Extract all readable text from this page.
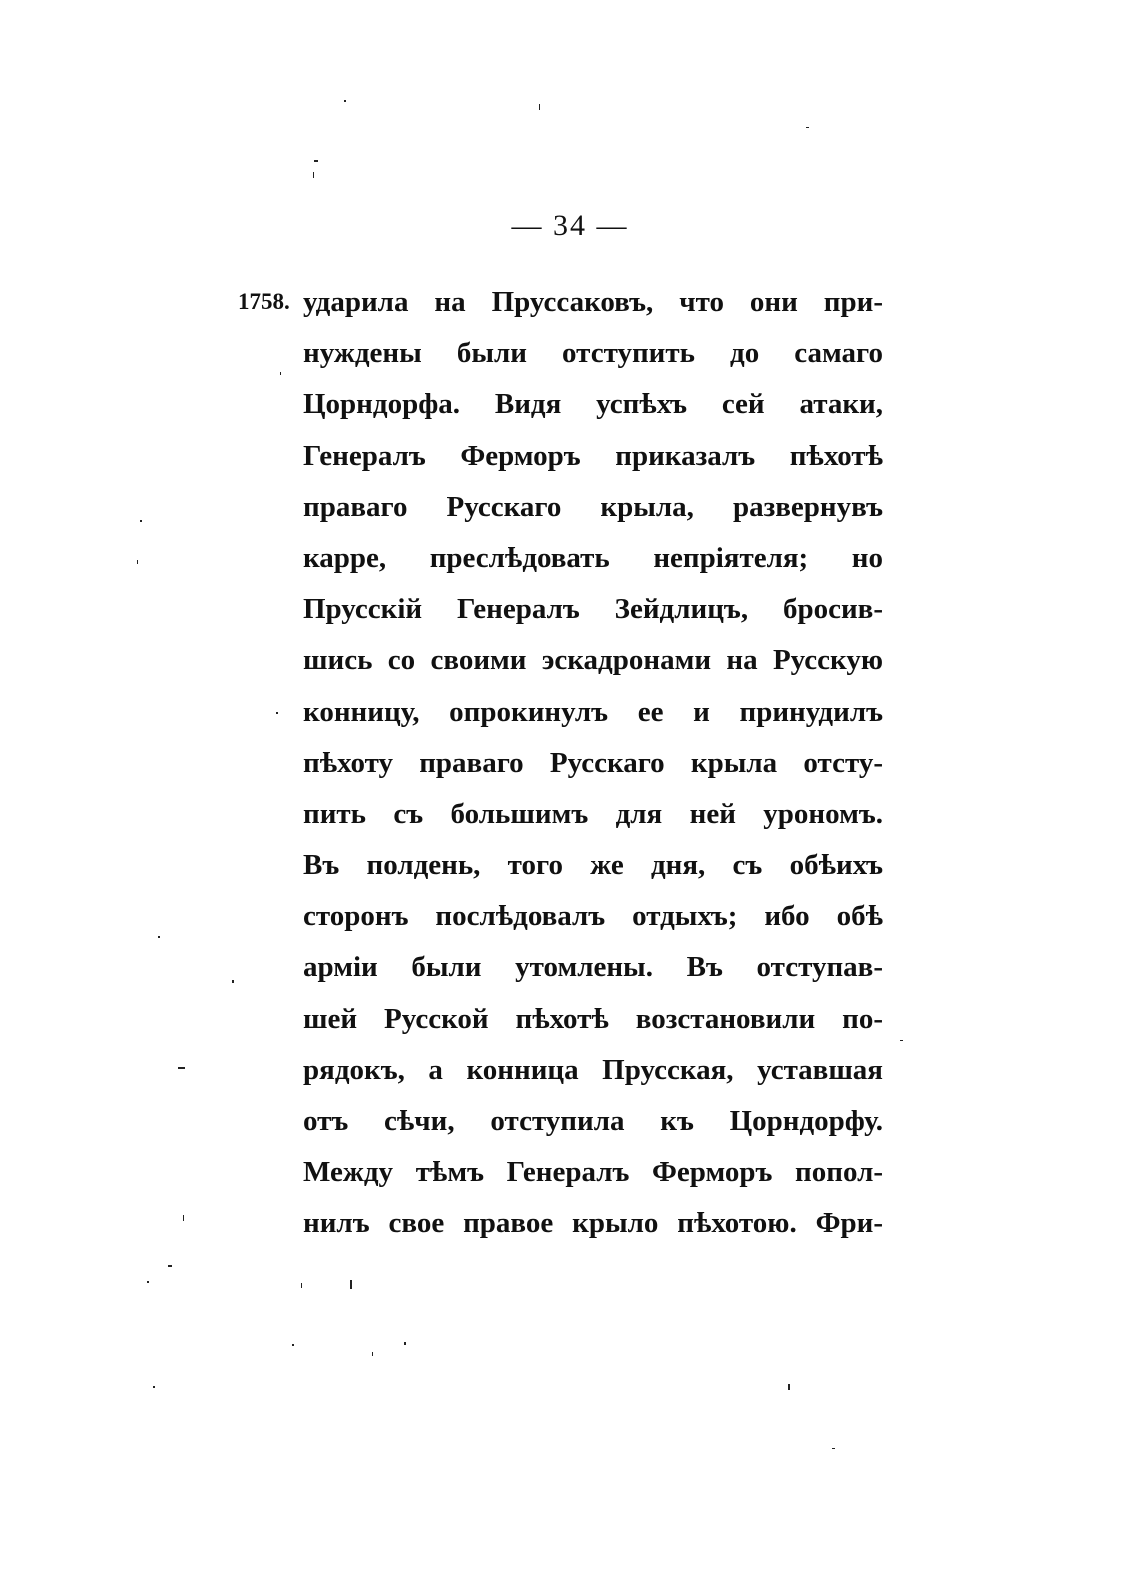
— 34 —
1758. ударила на Пруссаковъ, что они при-
нуждены были отступить до самаго
Цорндорфа. Видя успѣхъ сей атаки,
Генералъ Ферморъ приказалъ пѣхотѣ
праваго Русскаго крыла, развернувъ
карре, преслѣдовать непріятеля; но
Прусскій Генералъ Зейдлицъ, бросив-
шись со своими эскадронами на Русскую
конницу, опрокинулъ ее и принудилъ
пѣхоту праваго Русскаго крыла отсту-
пить съ большимъ для ней урономъ.
Въ полдень, того же дня, съ обѣихъ
сторонъ послѣдовалъ отдыхъ; ибо обѣ
арміи были утомлены. Въ отступав-
шей Русской пѣхотѣ возстановили по-
рядокъ, а конница Прусская, уставшая
отъ сѣчи, отступила къ Цорндорфу.
Между тѣмъ Генералъ Ферморъ попол-
нилъ свое правое крыло пѣхотою. Фри-
